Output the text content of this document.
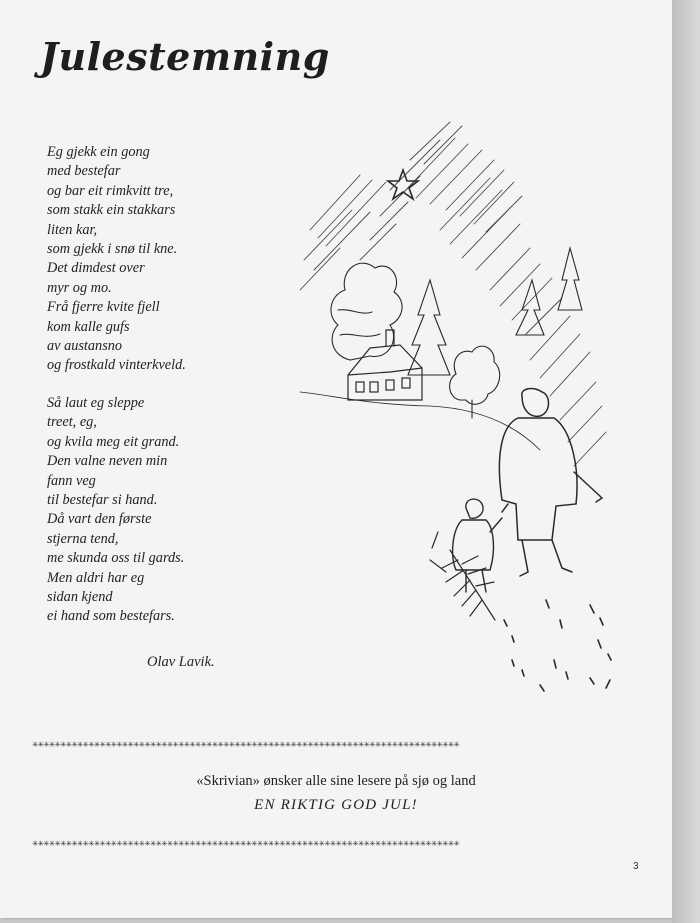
Julestemning
Eg gjekk ein gong
med bestefar
og bar eit rimkvitt tre,
som stakk ein stakkars
liten kar,
som gjekk i snø til kne.
Det dimdest over
myr og mo.
Frå fjerre kvite fjell
kom kalle gufs
av austansno
og frostkald vinterkveld.
Så laut eg sleppe
treet, eg,
og kvila meg eit grand.
Den valne neven min
fann veg
til bestefar si hand.
Då vart den første
stjerna tend,
me skunda oss til gards.
Men aldri har eg
sidan kjend
ei hand som bestefars.
Olav Lavik.
✳✳✳✳✳✳✳✳✳✳✳✳✳✳✳✳✳✳✳✳✳✳✳✳✳✳✳✳✳✳✳✳✳✳✳✳✳✳✳✳✳✳✳✳✳✳✳✳✳✳✳✳✳✳✳✳✳✳✳✳✳✳✳✳✳✳✳✳✳✳✳✳✳✳✳✳
«Skrivian» ønsker alle sine lesere på sjø og land
EN RIKTIG GOD JUL!
✳✳✳✳✳✳✳✳✳✳✳✳✳✳✳✳✳✳✳✳✳✳✳✳✳✳✳✳✳✳✳✳✳✳✳✳✳✳✳✳✳✳✳✳✳✳✳✳✳✳✳✳✳✳✳✳✳✳✳✳✳✳✳✳✳✳✳✳✳✳✳✳✳✳✳✳
3
